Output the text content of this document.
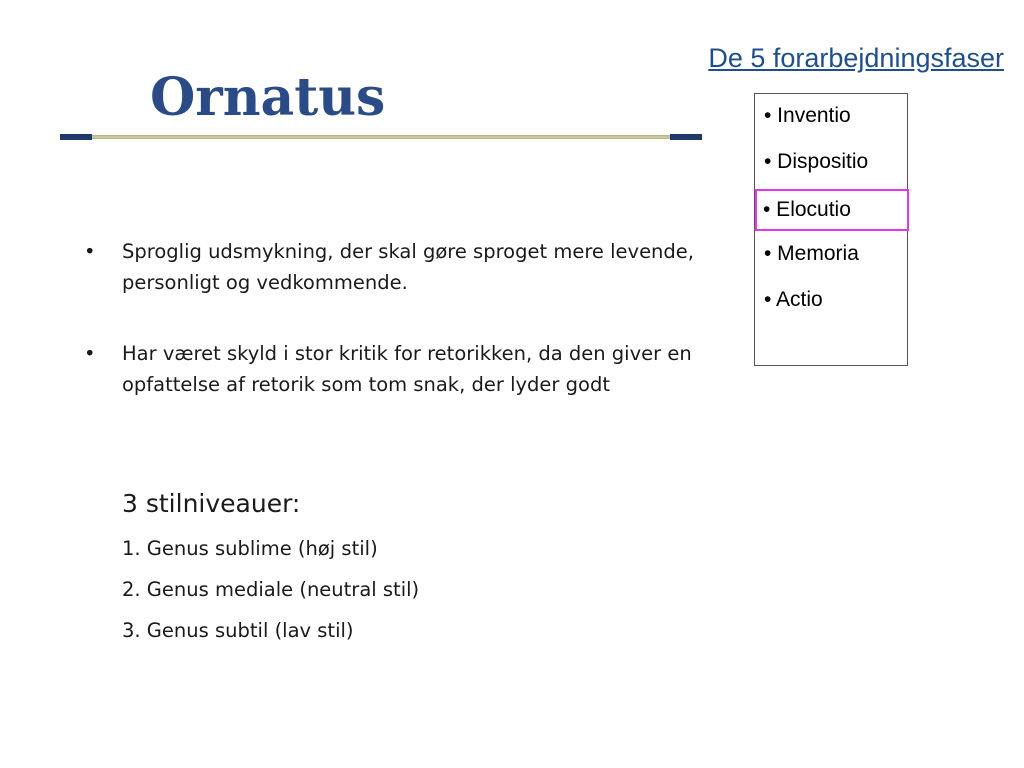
De 5 forarbejdningsfaser
Ornatus	• Inventio
• Dispositio
• Elocutio
• Memoria
• Actio
• Sproglig udsmykning, der skal gøre sproget mere levende, personligt og vedkommende.
• Har været skyld i stor kritik for retorikken, da den giver en opfattelse af retorik som tom snak, der lyder godt
3 stilniveauer:
1. Genus sublime (høj stil)
2. Genus mediale (neutral stil)
3. Genus subtil (lav stil)
